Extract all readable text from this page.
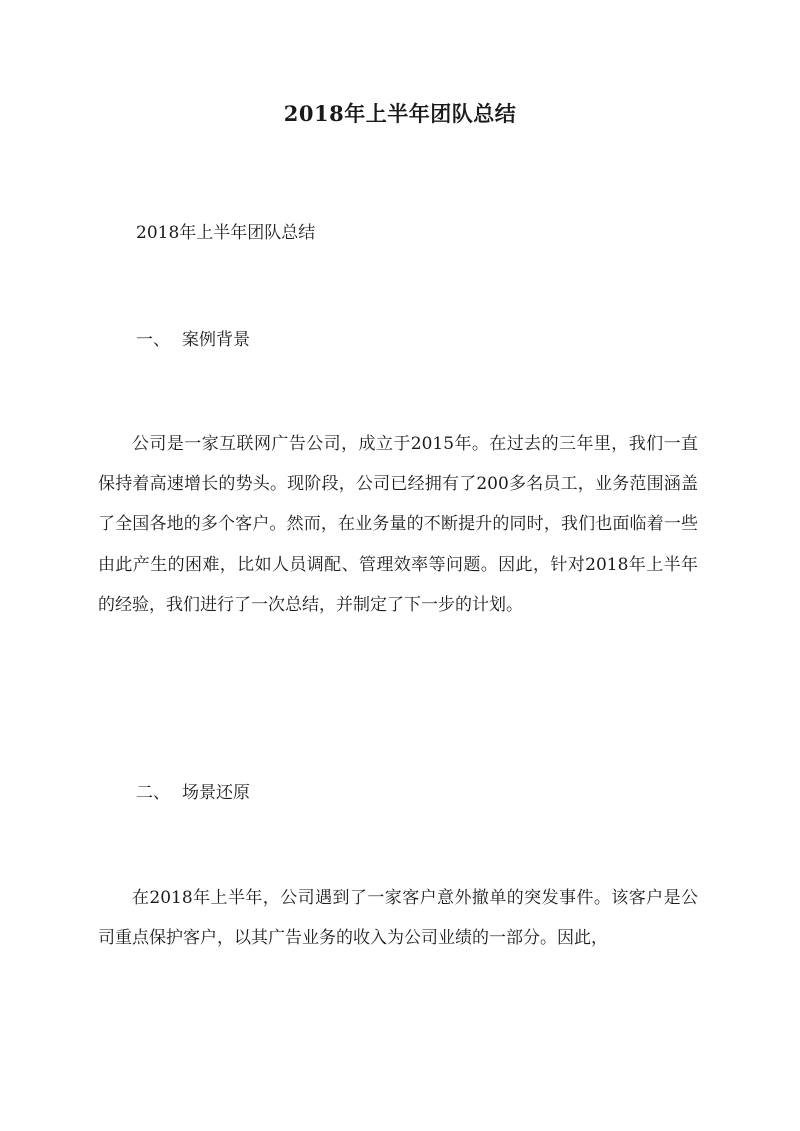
2018年上半年团队总结
2018年上半年团队总结
一、 案例背景

公司是一家互联网广告公司，成立于2015年。在过去的三年里，我们一直保持着高速增长的势头。现阶段，公司已经拥有了200多名员工，业务范围涵盖了全国各地的多个客户。然而，在业务量的不断提升的同时，我们也面临着一些由此产生的困难，比如人员调配、管理效率等问题。因此，针对2018年上半年的经验，我们进行了一次总结，并制定了下一步的计划。

二、 场景还原

在2018年上半年，公司遇到了一家客户意外撤单的突发事件。该客户是公司重点保护客户，以其广告业务的收入为公司业绩的一部分。因此，
